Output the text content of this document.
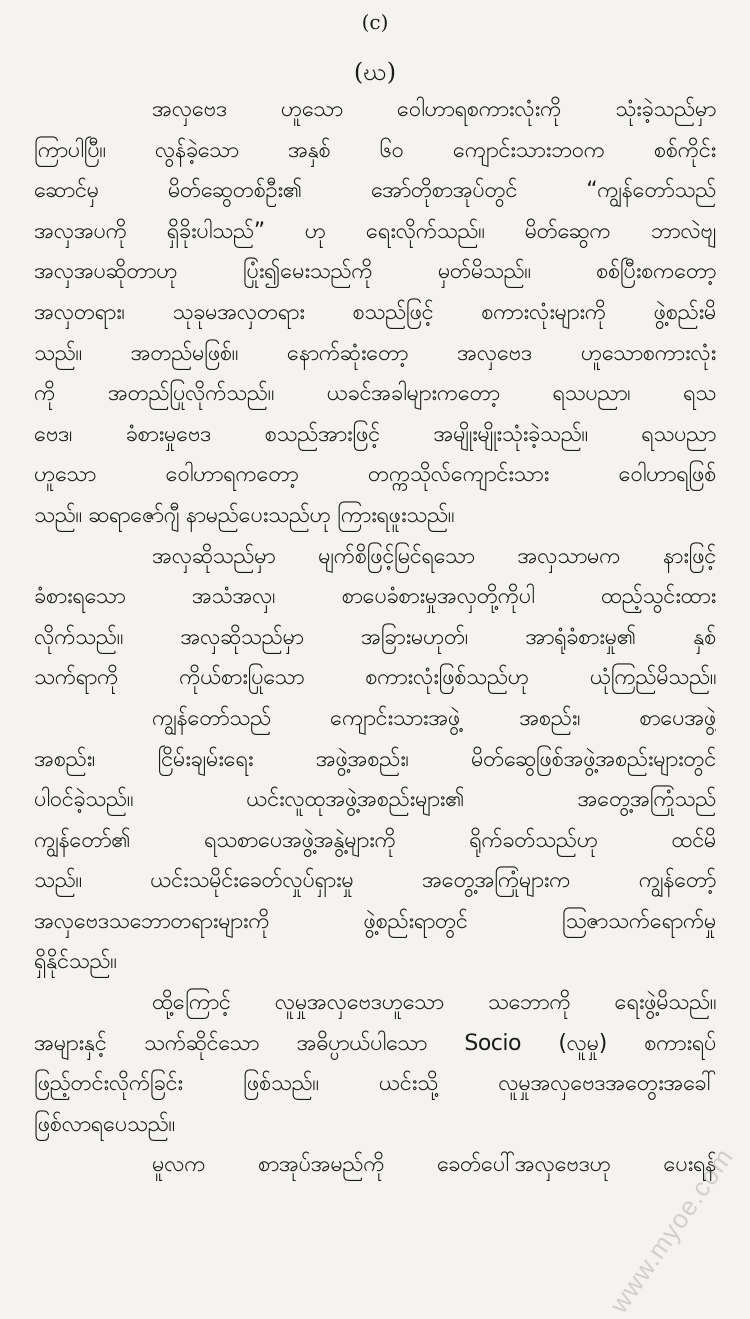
(c)
(ဃ)
အလှဗေဒ ဟူသော ဝေါဟာရစကားလုံးကို သုံးခဲ့သည်မှာ
ကြာပါပြီ။ လွန်ခဲ့သော အနှစ် ၆၀ ကျောင်းသားဘဝက စစ်ကိုင်း
ဆောင်မှ မိတ်ဆွေတစ်ဦး၏ အော်တိုစာအုပ်တွင် “ကျွန်တော်သည်
အလှအပကို ရှိခိုးပါသည်” ဟု ရေးလိုက်သည်။ မိတ်ဆွေက ဘာလဲဗျ
အလှအပဆိုတာဟု ပြုံး၍မေးသည်ကို မှတ်မိသည်။ စစ်ပြီးစကတော့
အလှတရား၊ သုခုမအလှတရား စသည်ဖြင့် စကားလုံးများကို ဖွဲ့စည်းမိ
သည်။ အတည်မဖြစ်။ နောက်ဆုံးတော့ အလှဗေဒ ဟူသောစကားလုံး
ကို အတည်ပြုလိုက်သည်။ ယခင်အခါများကတော့ ရသပညာ၊ ရသ
ဗေဒ၊ ခံစားမှုဗေဒ စသည်အားဖြင့် အမျိုးမျိုးသုံးခဲ့သည်။ ရသပညာ
ဟူသော ဝေါဟာရကတော့ တက္ကသိုလ်ကျောင်းသား ဝေါဟာရဖြစ်
သည်။ ဆရာဇော်ဂျီ နာမည်ပေးသည်ဟု ကြားရဖူးသည်။
အလှဆိုသည်မှာ မျက်စိဖြင့်မြင်ရသော အလှသာမက နားဖြင့်
ခံစားရသော အသံအလှ၊ စာပေခံစားမှုအလှတို့ကိုပါ ထည့်သွင်းထား
လိုက်သည်။ အလှဆိုသည်မှာ အခြားမဟုတ်၊ အာရုံခံစားမှု၏ နှစ်
သက်ရာကို ကိုယ်စားပြုသော စကားလုံးဖြစ်သည်ဟု ယုံကြည်မိသည်။
ကျွန်တော်သည် ကျောင်းသားအဖွဲ့ အစည်း၊ စာပေအဖွဲ့
အစည်း၊ ငြိမ်းချမ်းရေး အဖွဲ့အစည်း၊ မိတ်ဆွေဖြစ်အဖွဲ့အစည်းများတွင်
ပါဝင်ခဲ့သည်။ ယင်းလူထုအဖွဲ့အစည်းများ၏ အတွေ့အကြုံသည်
ကျွန်တော်၏ ရသစာပေအဖွဲ့အနွဲ့များကို ရိုက်ခတ်သည်ဟု ထင်မိ
သည်။ ယင်းသမိုင်းခေတ်လှုပ်ရှားမှု အတွေ့အကြုံများက ကျွန်တော့်
အလှဗေဒသဘောတရားများကို ဖွဲ့စည်းရာတွင် ဩဇာသက်ရောက်မှု
ရှိနိုင်သည်။
ထို့ကြောင့် လူမှုအလှဗေဒဟူသော သဘောကို ရေးဖွဲ့မိသည်။
အများနှင့် သက်ဆိုင်သော အဓိပ္ပာယ်ပါသော Socio (လူမှု) စကားရပ်
ဖြည့်တင်းလိုက်ခြင်း ဖြစ်သည်။ ယင်းသို့ လူမှုအလှဗေဒအတွေးအခေါ်
ဖြစ်လာရပေသည်။
မူလက စာအုပ်အမည်ကို ခေတ်ပေါ်အလှဗေဒဟု ပေးရန်
www.myoe.com
